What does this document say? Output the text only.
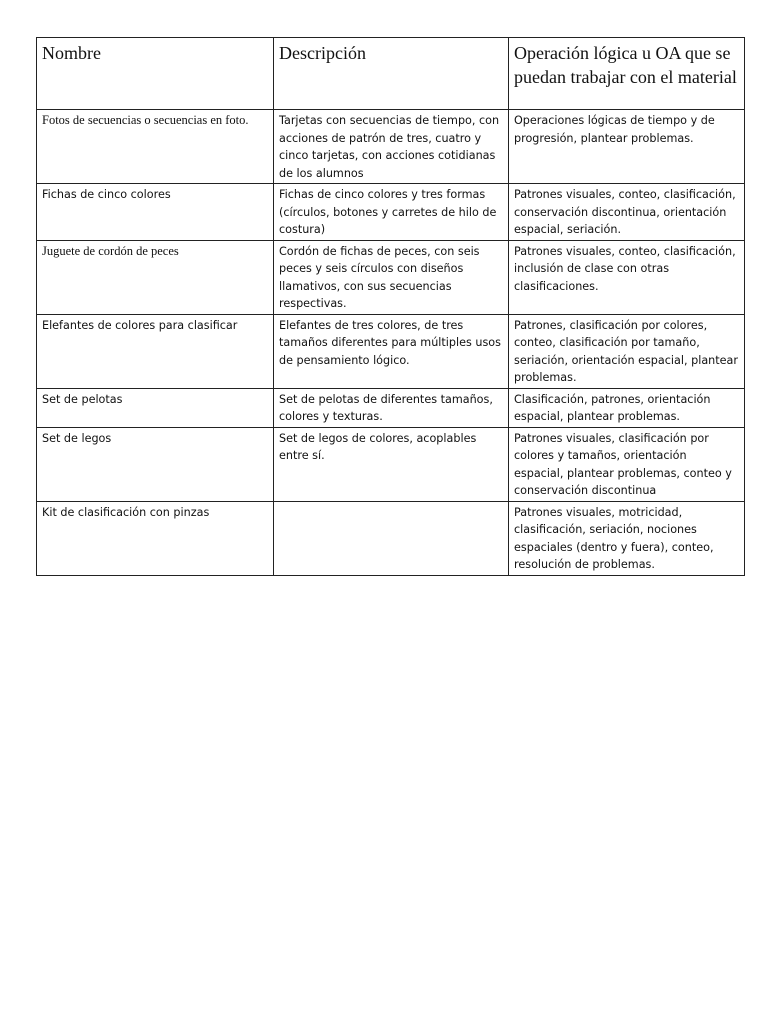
Nombre	Descripción	Operación lógica u OA que se puedan trabajar con el material
Fotos de secuencias o secuencias en foto.	Tarjetas con secuencias de tiempo, con acciones de patrón de tres, cuatro y cinco tarjetas, con acciones cotidianas de los alumnos	Operaciones lógicas de tiempo y de progresión, plantear problemas.
Fichas de cinco colores	Fichas de cinco colores y tres formas (círculos, botones y carretes de hilo de costura)	Patrones visuales, conteo, clasificación, conservación discontinua, orientación espacial, seriación.
Juguete de cordón de peces	Cordón de fichas de peces, con seis peces y seis círculos con diseños llamativos, con sus secuencias respectivas.	Patrones visuales, conteo, clasificación, inclusión de clase con otras clasificaciones.
Elefantes de colores para clasificar	Elefantes de tres colores, de tres tamaños diferentes para múltiples usos de pensamiento lógico.	Patrones, clasificación por colores, conteo, clasificación por tamaño, seriación, orientación espacial, plantear problemas.
Set de pelotas	Set de pelotas de diferentes tamaños, colores y texturas.	Clasificación, patrones, orientación espacial, plantear problemas.
Set de legos	Set de legos de colores, acoplables entre sí.	Patrones visuales, clasificación por colores y tamaños, orientación espacial, plantear problemas, conteo y conservación discontinua
Kit de clasificación con pinzas		Patrones visuales, motricidad, clasificación, seriación, nociones espaciales (dentro y fuera), conteo, resolución de problemas.
